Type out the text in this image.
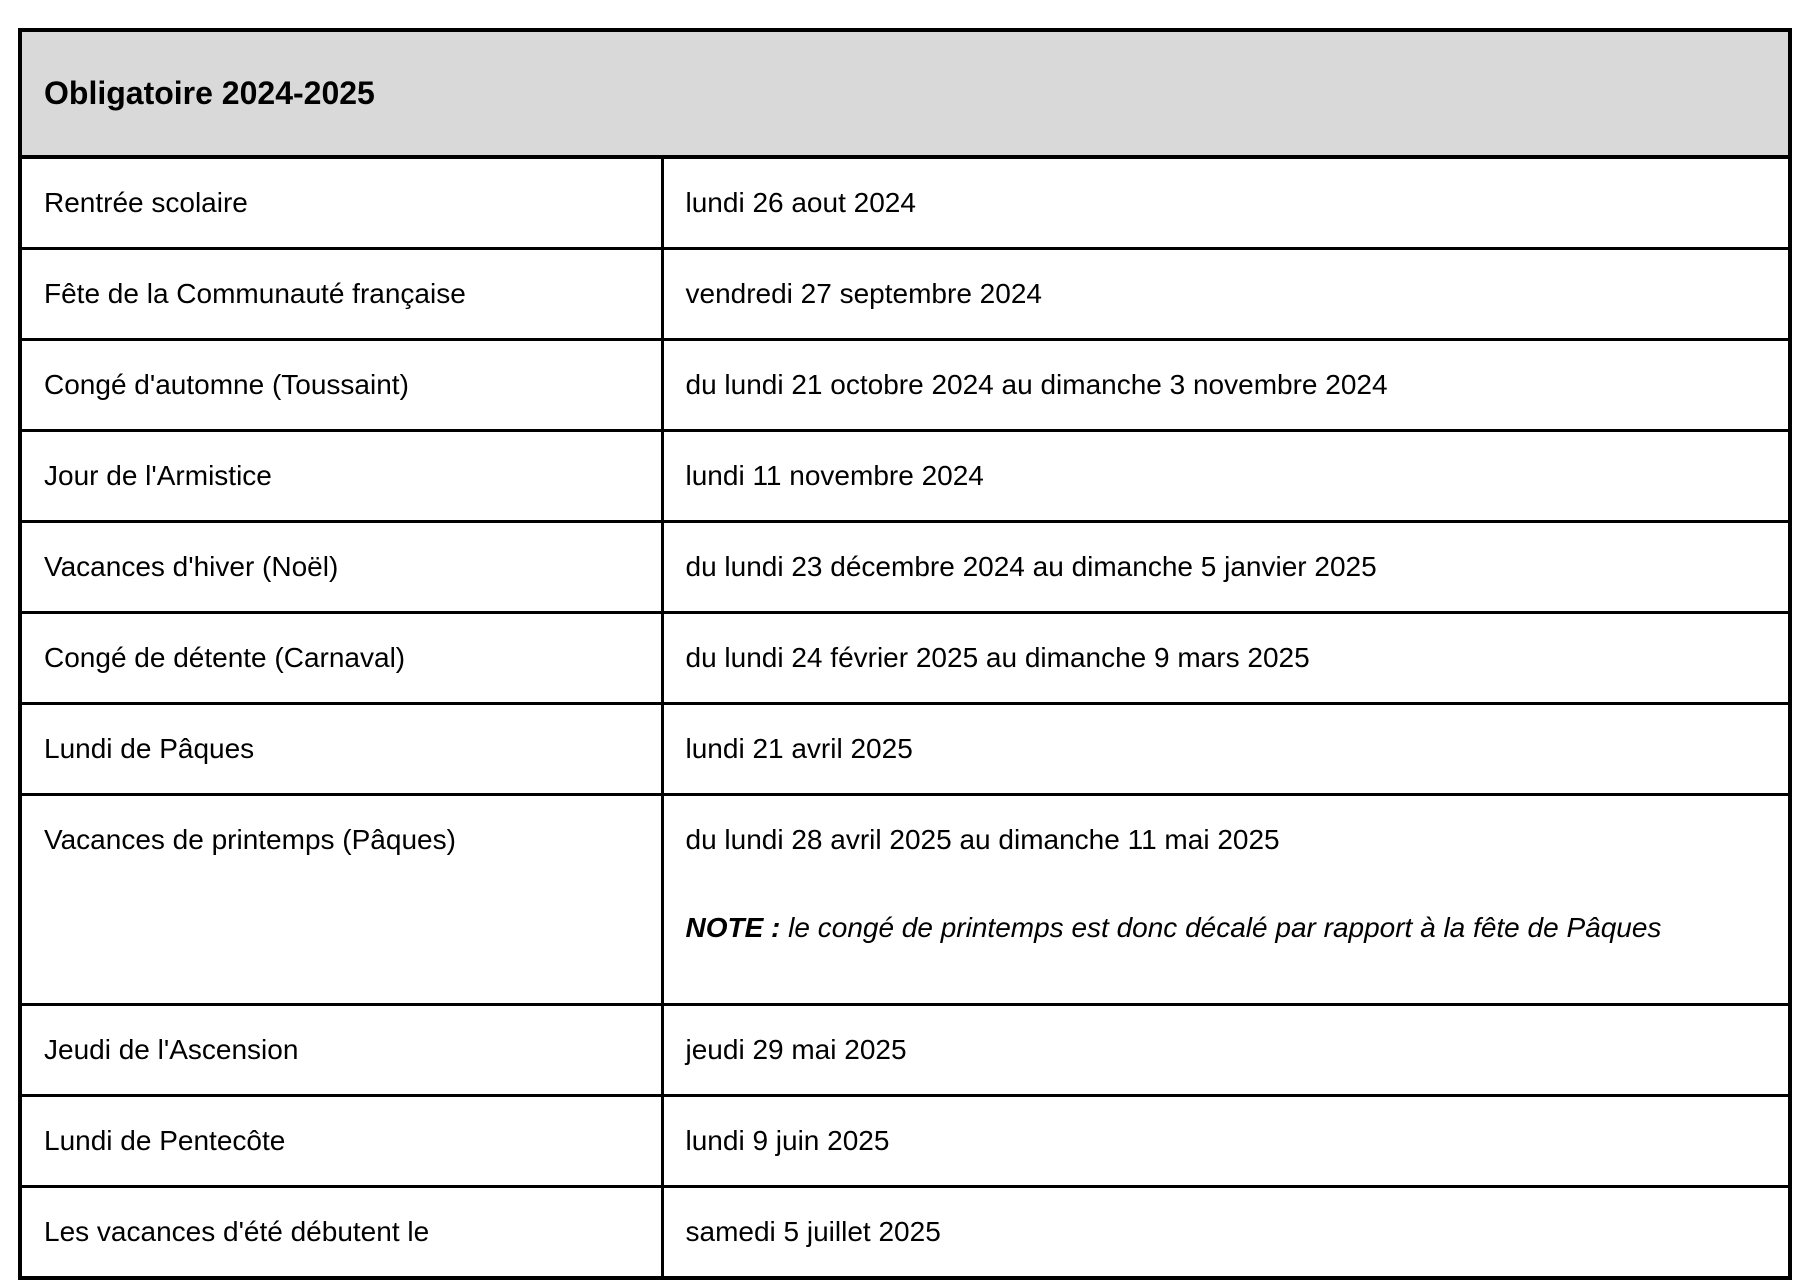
Obligatoire 2024-2025	
Rentrée scolaire	lundi 26 aout 2024

Fête de la Communauté française	vendredi 27 septembre 2024

Congé d'automne (Toussaint)	du lundi 21 octobre 2024 au dimanche 3 novembre 2024

Jour de l'Armistice	lundi 11 novembre 2024

Vacances d'hiver (Noël)	du lundi 23 décembre 2024 au dimanche 5 janvier 2025

Congé de détente (Carnaval)	du lundi 24 février 2025 au dimanche 9 mars 2025

Lundi de Pâques	lundi 21 avril 2025

Vacances de printemps (Pâques)	du lundi 28 avril 2025 au dimanche 11 mai 2025
NOTE : le congé de printemps est donc décalé par rapport à la fête de Pâques

Jeudi de l'Ascension	jeudi 29 mai 2025

Lundi de Pentecôte	lundi 9 juin 2025

Les vacances d'été débutent le	samedi 5 juillet 2025
